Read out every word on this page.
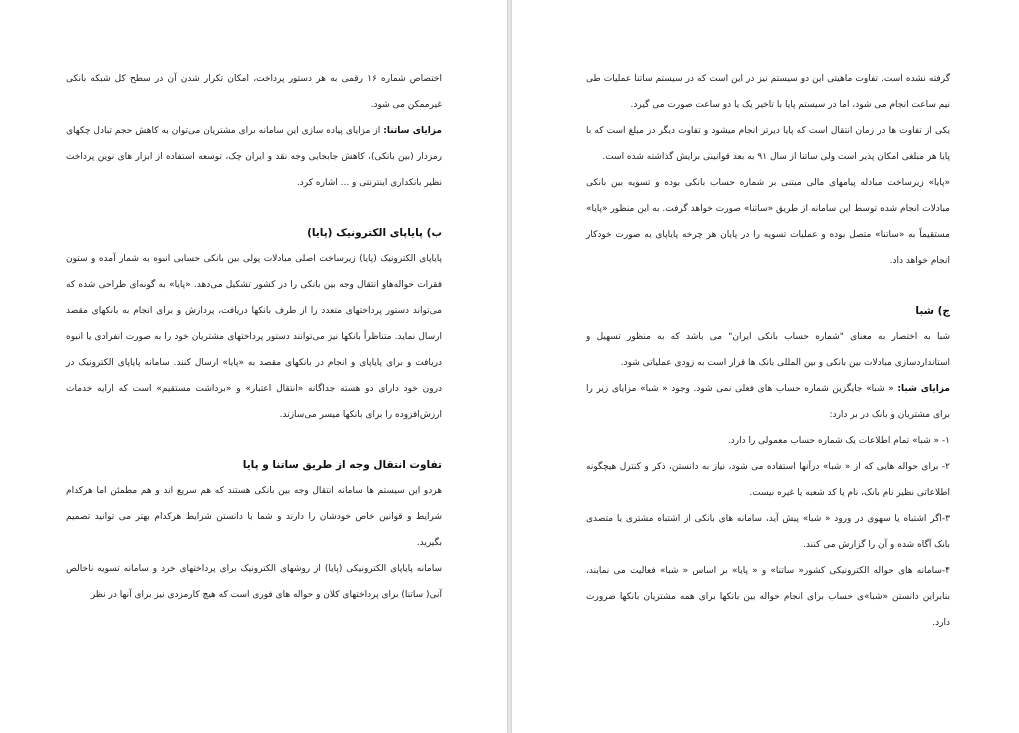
اختصاص شماره ۱۶ رقمی به هر دستور پرداخت، امکان تکرار شدن آن در سطح کل شبکه بانکی غیرممکن می شود.

مزایای ساتنا: از مزایای پیاده سازی این سامانه برای مشتریان می‌توان به کاهش حجم تبادل چکهای رمزدار (بین بانکی)، کاهش جابجایی وجه نقد و ایران چک، توسعه استفاده از ابزار های نوین پرداخت نظیر بانکداری اینترنتی و ... اشاره کرد.

ب) پایاپای الکترونیک (پایا)

پایاپای الکترونیک (پایا) زیرساخت اصلی مبادلات پولی بین بانکی حسابی انبوه به شمار آمده و ستون فقرات حواله‌هاو انتقال وجه بین بانکی را در کشور تشکیل می‌دهد. «پایا» به گونه‌ای طراحی شده که می‌تواند دستور پرداختهای متعدد را از طرف بانکها دریافت، پردازش و برای انجام به بانکهای مقصد ارسال نماید. متناظراً بانکها نیز می‌توانند دستور پرداختهای مشتریان خود را به صورت انفرادی یا انبوه دریافت و برای پایاپای و انجام در بانکهای مقصد به «پایا» ارسال کنند. سامانه پایاپای الکترونیک در درون خود دارای دو هسته جداگانه «انتقال اعتبار» و «برداشت مستقیم» است که ارایه خدمات ارزش‌افزوده را برای بانکها میسر می‌سازند.

تفاوت انتقال وجه از طریق ساتنا و پایا

هردو این سیستم ها سامانه انتقال وجه بین بانکی هستند که هم سریع اند و هم مطمئن اما هرکدام شرایط و قوانین خاص خودشان را دارند و شما با دانستن شرایط هرکدام بهتر می توانید تصمیم بگیرید.

سامانه پایاپای الکترونیکی (پایا) از روشهای الکترونیک برای پرداختهای خرد و سامانه تسویه ناخالص آنی( ساتنا) برای پرداختهای کلان و حواله های فوری است که هیچ کارمزدی نیز برای آنها در نظر

گرفته نشده است. تفاوت ماهیتی این دو سیستم نیز در این است که در سیستم ساتنا عملیات طی نیم ساعت انجام می شود، اما در سیستم پایا با تاخیر یک یا دو ساعت صورت می گیرد.

یکی از تفاوت ها در زمان انتقال است که پایا دیرتر انجام میشود و تفاوت دیگر در مبلغ است که با پایا هر مبلغی امکان پذیر است ولی ساتنا از سال ۹۱ به بعد قوانینی برایش گذاشته شده است.

«پایا» زیرساخت مبادله پیامهای مالی مبتنی بر شماره حساب بانکی بوده و تسویه بین بانکی مبادلات انجام شده توسط این سامانه از طریق «ساتنا» صورت خواهد گرفت. به این منظور «پایا» مستقیماً به «ساتنا» متصل بوده و عملیات تسویه را در پایان هر چرخه پایاپای به صورت خودکار انجام خواهد داد.

ج) شبا

شبا به اختصار به معنای "شماره حساب بانکی ایران" می باشد که به منظور تسهیل و استانداردسازی مبادلات بین بانکی و بین المللی بانک ها قرار است به زودی عملیاتی شود.

مزایای شبا: « شبا» جایگزین شماره حساب های فعلی نمی شود. وجود « شبا» مزایای زیر را برای مشتریان و بانک در بر دارد:

۱- « شبا» تمام اطلاعات یک شماره حساب معمولی را دارد.

۲- برای حواله هایی که از « شبا» درآنها استفاده می شود، نیاز به دانستن، ذکر و کنترل هیچگونه اطلاعاتی نظیر نام بانک، نام یا کد شعبه یا غیره نیست.

۳-اگر اشتباه یا سهوی در ورود « شبا» پیش آید، سامانه های بانکی از اشتباه مشتری یا متصدی بانک آگاه شده و آن را گزارش می کنند.

۴-سامانه های حواله الکترونیکی کشور« ساتنا» و « پایا» بر اساس « شبا» فعالیت می نمایند، بنابراین دانستن «شبا»ی حساب برای انجام حواله بین بانکها برای همه مشتریان بانکها ضرورت دارد.
